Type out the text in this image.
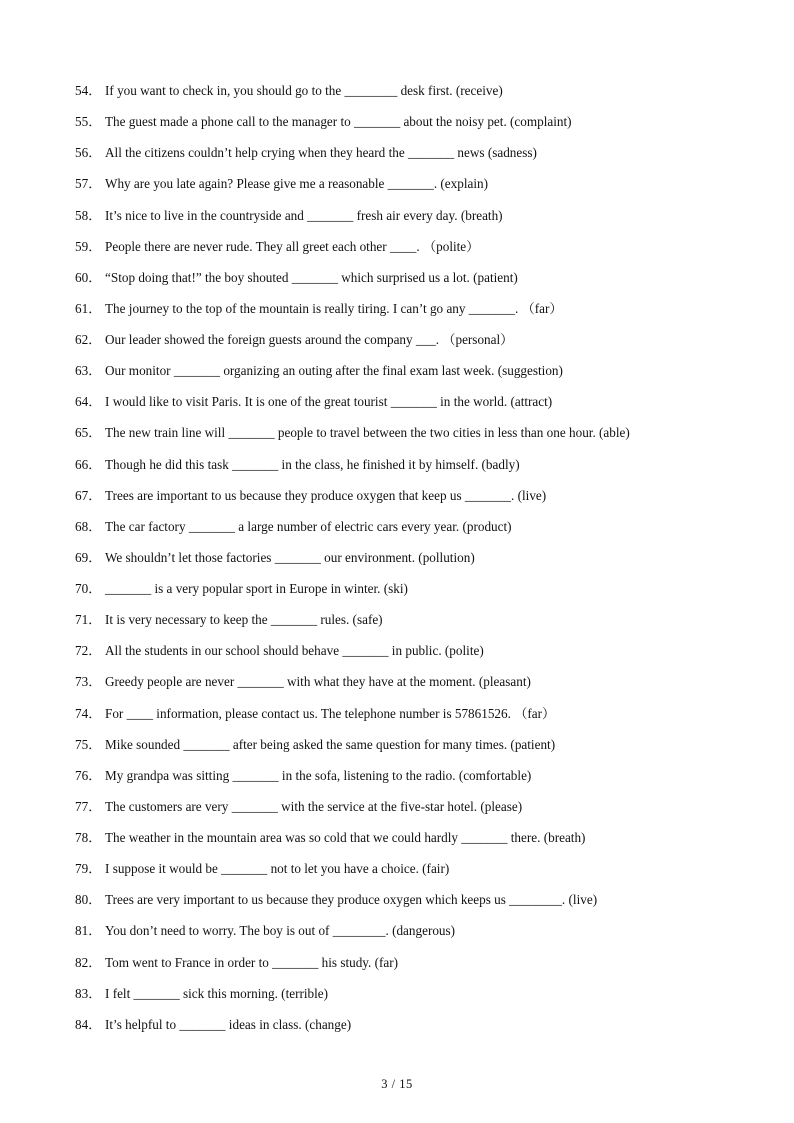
54． If you want to check in, you should go to the ________ desk first. (receive)
55． The guest made a phone call to the manager to _______ about the noisy pet. (complaint)
56． All the citizens couldn’t help crying when they heard the _______ news (sadness)
57． Why are you late again? Please give me a reasonable _______. (explain)
58． It’s nice to live in the countryside and _______ fresh air every day. (breath)
59． People there are never rude. They all greet each other ____. （polite）
60． “Stop doing that!” the boy shouted _______ which surprised us a lot. (patient)
61． The journey to the top of the mountain is really tiring. I can’t go any _______. （far）
62． Our leader showed the foreign guests around the company ___. （personal）
63． Our monitor _______ organizing an outing after the final exam last week. (suggestion)
64． I would like to visit Paris. It is one of the great tourist _______ in the world. (attract)
65． The new train line will _______ people to travel between the two cities in less than one hour. (able)
66． Though he did this task _______ in the class, he finished it by himself. (badly)
67． Trees are important to us because they produce oxygen that keep us _______. (live)
68． The car factory _______ a large number of electric cars every year. (product)
69． We shouldn’t let those factories _______ our environment. (pollution)
70． _______ is a very popular sport in Europe in winter. (ski)
71． It is very necessary to keep the _______ rules. (safe)
72． All the students in our school should behave _______ in public. (polite)
73． Greedy people are never _______ with what they have at the moment. (pleasant)
74． For ____ information, please contact us. The telephone number is 57861526. （far）
75． Mike sounded _______ after being asked the same question for many times. (patient)
76． My grandpa was sitting _______ in the sofa, listening to the radio. (comfortable)
77． The customers are very _______ with the service at the five-star hotel. (please)
78． The weather in the mountain area was so cold that we could hardly _______ there. (breath)
79． I suppose it would be _______ not to let you have a choice. (fair)
80． Trees are very important to us because they produce oxygen which keeps us ________. (live)
81． You don’t need to worry. The boy is out of ________. (dangerous)
82． Tom went to France in order to _______ his study. (far)
83． I felt _______ sick this morning. (terrible)
84． It’s helpful to _______ ideas in class. (change)
3 / 15
